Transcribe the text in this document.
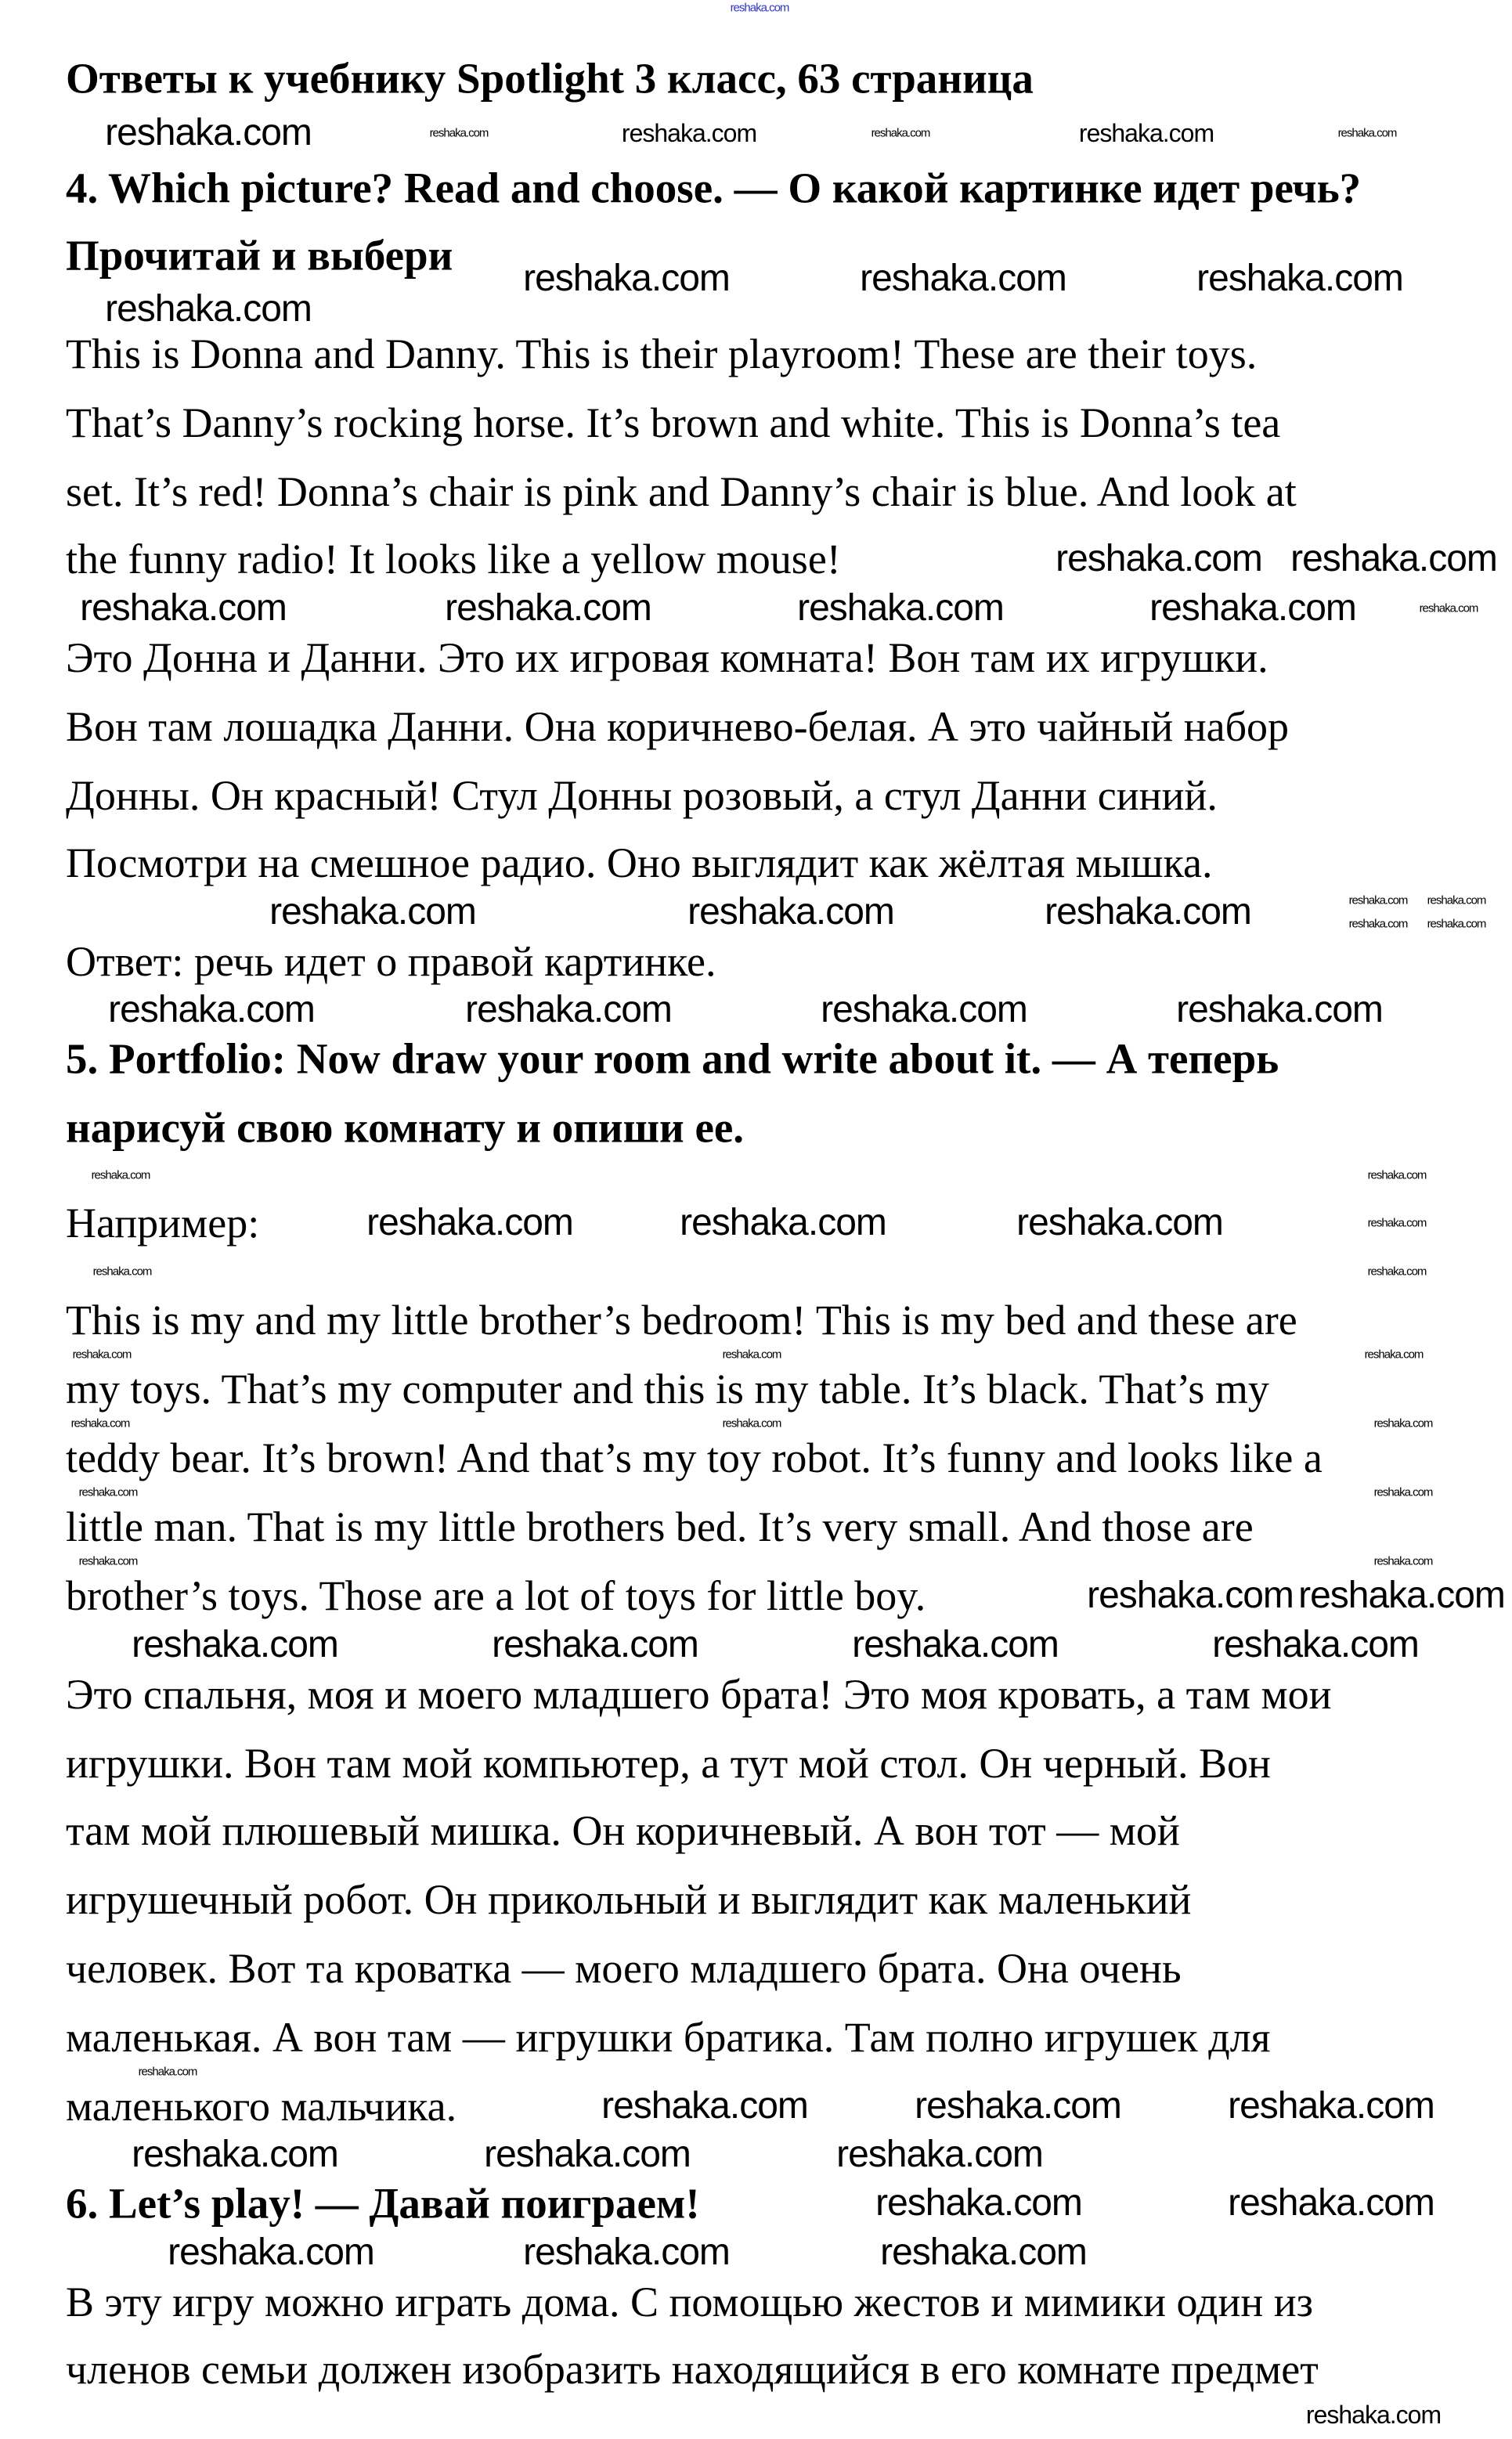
Ответы к учебнику Spotlight 3 класс, 63 страница
4. Which picture? Read and choose. — О какой картинке идет речь?
Прочитай и выбери
This is Donna and Danny. This is their playroom! These are their toys.
That’s Danny’s rocking horse. It’s brown and white. This is Donna’s tea
set. It’s red! Donna’s chair is pink and Danny’s chair is blue. And look at
the funny radio! It looks like a yellow mouse!
Это Донна и Данни. Это их игровая комната! Вон там их игрушки.
Вон там лошадка Данни. Она коричнево-белая. А это чайный набор
Донны. Он красный! Стул Донны розовый, а стул Данни синий.
Посмотри на смешное радио. Оно выглядит как жёлтая мышка.
Ответ: речь идет о правой картинке.
5. Portfolio: Now draw your room and write about it. — А теперь
нарисуй свою комнату и опиши ее.
Например:
This is my and my little brother’s bedroom! This is my bed and these are
my toys. That’s my computer and this is my table. It’s black. That’s my
teddy bear. It’s brown! And that’s my toy robot. It’s funny and looks like a
little man. That is my little brothers bed. It’s very small. And those are
brother’s toys. Those are a lot of toys for little boy.
Это спальня, моя и моего младшего брата! Это моя кровать, а там мои
игрушки. Вон там мой компьютер, а тут мой стол. Он черный. Вон
там мой плюшевый мишка. Он коричневый. А вон тот — мой
игрушечный робот. Он прикольный и выглядит как маленький
человек. Вот та кроватка — моего младшего брата. Она очень
маленькая. А вон там — игрушки братика. Там полно игрушек для
маленького мальчика.
6. Let’s play! — Давай поиграем!
В эту игру можно играть дома. С помощью жестов и мимики один из
членов семьи должен изобразить находящийся в его комнате предмет
reshaka.com
reshaka.com	reshaka.com	reshaka.com	reshaka.com	reshaka.com	reshaka.com
reshaka.com	reshaka.com	reshaka.com
reshaka.com
reshaka.com reshaka.com
reshaka.com	reshaka.com	reshaka.com	reshaka.com	reshaka.com
reshaka.com reshaka.com
reshaka.com reshaka.com
reshaka.com	reshaka.com	reshaka.com
reshaka.com	reshaka.com	reshaka.com	reshaka.com
reshaka.com	reshaka.com
reshaka.com	reshaka.com	reshaka.com	reshaka.com
reshaka.com	reshaka.com
reshaka.com	reshaka.com	reshaka.com
reshaka.com	reshaka.com	reshaka.com
reshaka.com	reshaka.com
reshaka.com	reshaka.com
reshaka.com reshaka.com
reshaka.com	reshaka.com	reshaka.com	reshaka.com
reshaka.com
reshaka.com	reshaka.com	reshaka.com
reshaka.com	reshaka.com	reshaka.com
reshaka.com	reshaka.com
reshaka.com	reshaka.com	reshaka.com
reshaka.com
